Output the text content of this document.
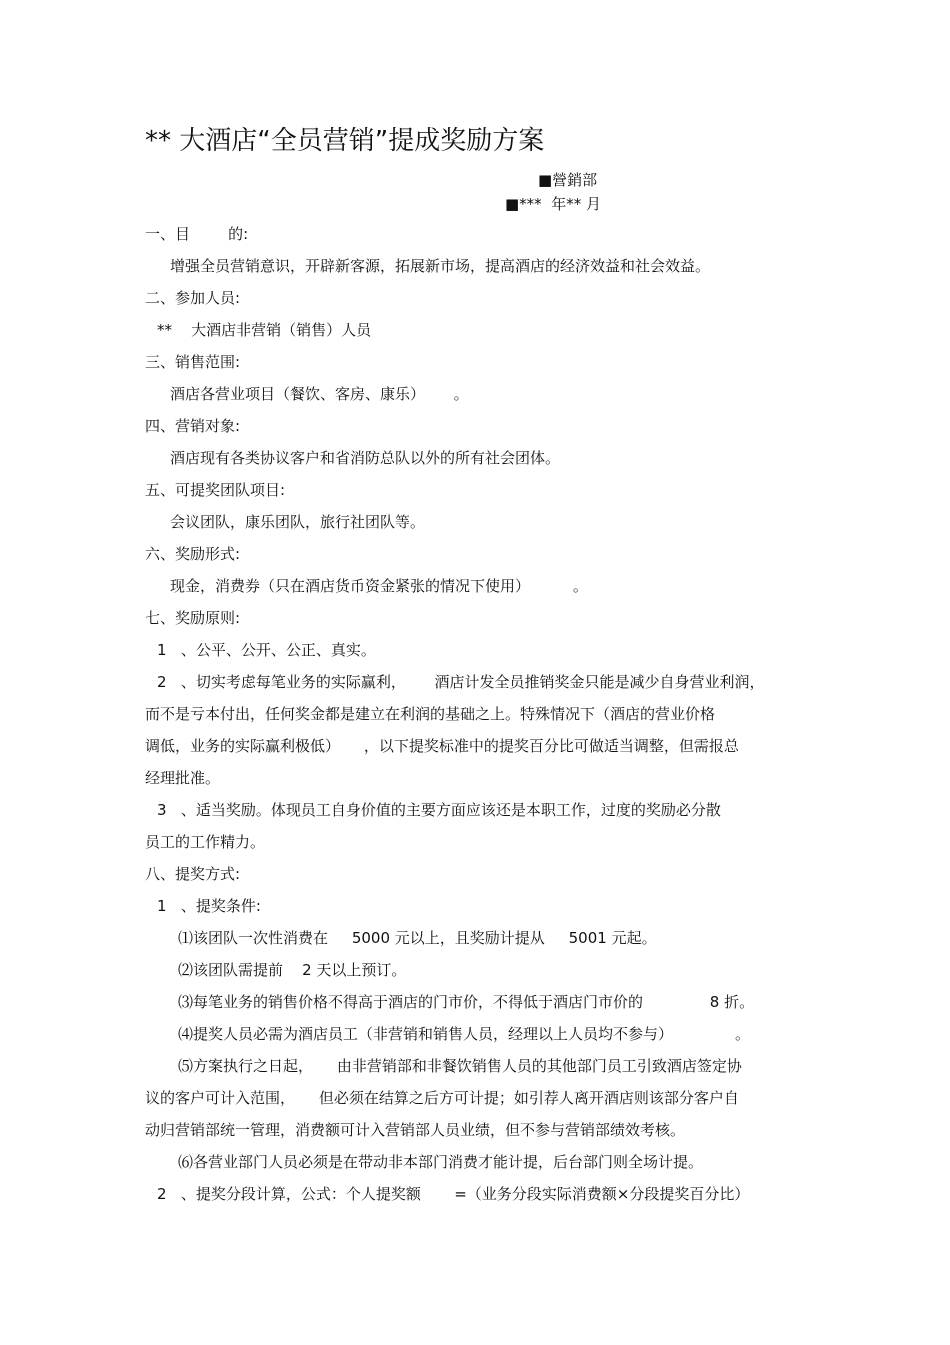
** 大酒店“全员营销”提成奖励方案
■營銷部
■***  年** 月
一、目        的:
增强全员营销意识，开辟新客源，拓展新市场，提高酒店的经济效益和社会效益。
二、参加人员:
**    大酒店非营销（销售）人员
三、销售范围:
酒店各营业项目（餐饮、客房、康乐）      。
四、营销对象:
酒店现有各类协议客户和省消防总队以外的所有社会团体。
五、可提奖团队项目:
会议团队，康乐团队，旅行社团队等。
六、奖励形式:
现金，消费券（只在酒店货币资金紧张的情况下使用）         。
七、奖励原则:
1   、公平、公开、公正、真实。
2   、切实考虑每笔业务的实际赢利，      酒店计发全员推销奖金只能是减少自身营业利润，
而不是亏本付出，任何奖金都是建立在利润的基础之上。特殊情况下（酒店的营业价格
调低，业务的实际赢利极低）     ，以下提奖标准中的提奖百分比可做适当调整，但需报总
经理批准。
3   、适当奖励。体现员工自身价值的主要方面应该还是本职工作，过度的奖励必分散
员工的工作精力。
八、提奖方式:
1   、提奖条件:
⑴该团队一次性消费在     5000 元以上，且奖励计提从     5001 元起。
⑵该团队需提前    2 天以上预订。
⑶每笔业务的销售价格不得高于酒店的门市价，不得低于酒店门市价的              8 折。
⑷提奖人员必需为酒店员工（非营销和销售人员，经理以上人员均不参与）             。
⑸方案执行之日起，     由非营销部和非餐饮销售人员的其他部门员工引致酒店签定协
议的客户可计入范围，     但必须在结算之后方可计提；如引荐人离开酒店则该部分客户自
动归营销部统一管理，消费额可计入营销部人员业绩，但不参与营销部绩效考核。
⑹各营业部门人员必须是在带动非本部门消费才能计提，后台部门则全场计提。
2   、提奖分段计算，公式：个人提奖额       =（业务分段实际消费额×分段提奖百分比）
